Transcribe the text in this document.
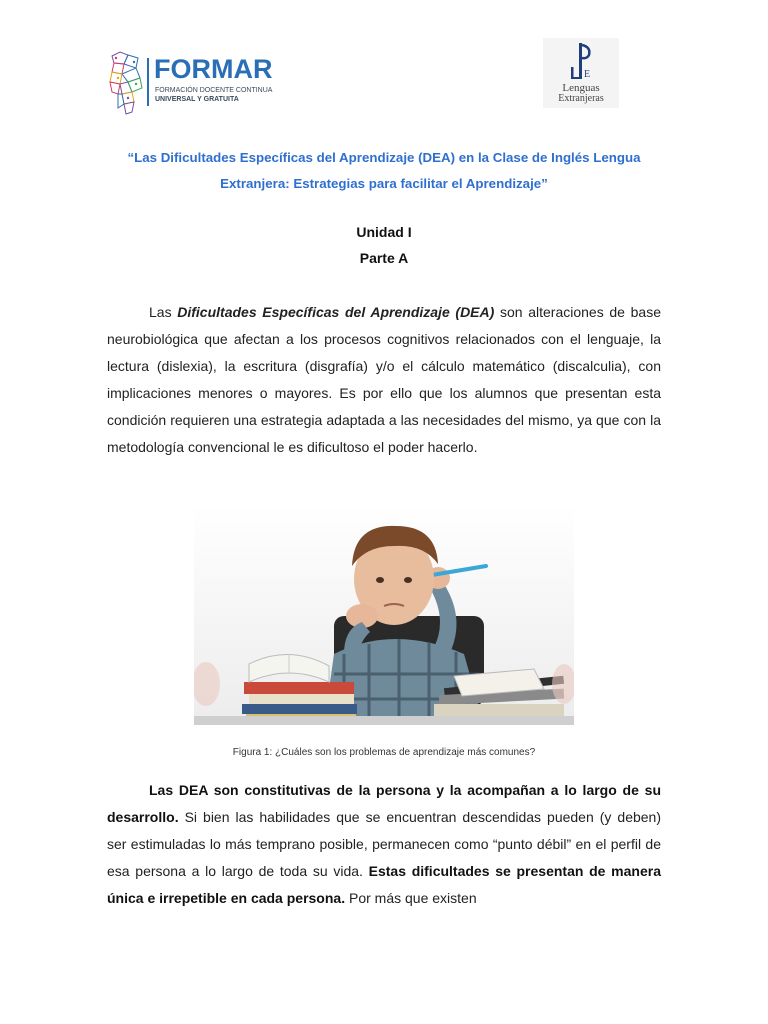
FORMAR
FORMACIÓN DOCENTE CONTINUA
UNIVERSAL Y GRATUITA
E
Lenguas
Extranjeras
“Las Dificultades Específicas del Aprendizaje (DEA) en la Clase de Inglés Lengua Extranjera: Estrategias para facilitar el Aprendizaje”
Unidad I
Parte A

Las Dificultades Específicas del Aprendizaje (DEA) son alteraciones de base neurobiológica que afectan a los procesos cognitivos relacionados con el lenguaje, la lectura (dislexia), la escritura (disgrafía) y/o el cálculo matemático (discalculia), con implicaciones menores o mayores. Es por ello que los alumnos que presentan esta condición requieren una estrategia adaptada a las necesidades del mismo, ya que con la metodología convencional le es dificultoso el poder hacerlo.

Figura 1: ¿Cuáles son los problemas de aprendizaje más comunes?

Las DEA son constitutivas de la persona y la acompañan a lo largo de su desarrollo. Si bien las habilidades que se encuentran descendidas pueden (y deben) ser estimuladas lo más temprano posible, permanecen como “punto débil” en el perfil de esa persona a lo largo de toda su vida. Estas dificultades se presentan de manera única e irrepetible en cada persona. Por más que existen
